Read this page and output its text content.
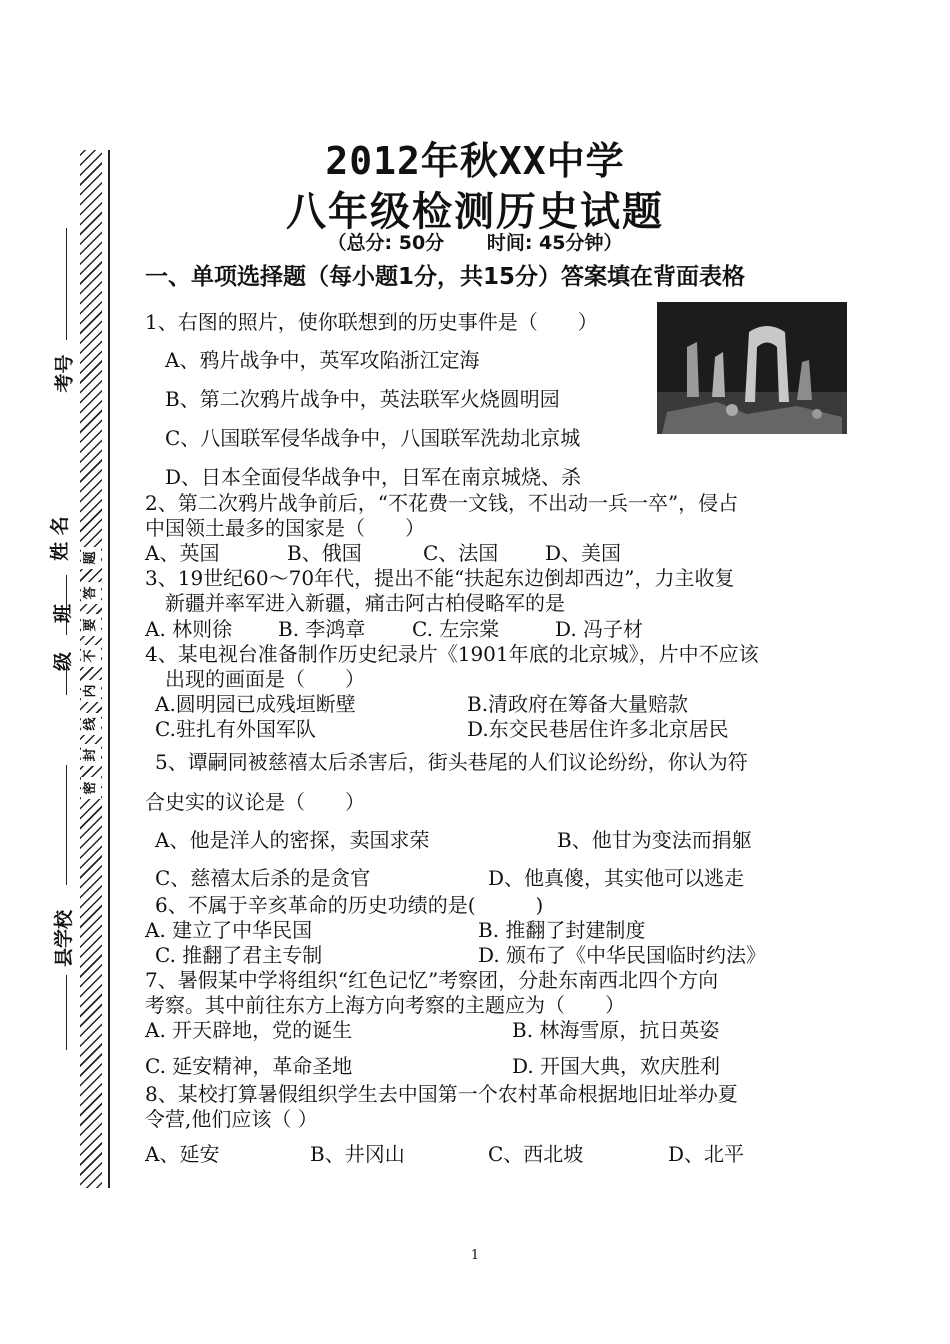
考号
姓 名
班
级
县学校
题
答
要
不
内
线
封
密
2012年秋XX中学
八年级检测历史试题
（总分: 50分 时间: 45分钟）
一、单项选择题（每小题1分，共15分）答案填在背面表格
1、右图的照片，使你联想到的历史事件是（　　）
A、鸦片战争中，英军攻陷浙江定海
B、第二次鸦片战争中，英法联军火烧圆明园
C、八国联军侵华战争中，八国联军洗劫北京城
D、日本全面侵华战争中，日军在南京城烧、杀
2、第二次鸦片战争前后，“不花费一文钱，不出动一兵一卒”，侵占
中国领土最多的国家是（　　）
A、英国	B、俄国	C、法国 D、美国
3、19世纪60～70年代，提出不能“扶起东边倒却西边”，力主收复
新疆并率军进入新疆，痛击阿古柏侵略军的是
A. 林则徐 B. 李鸿章 C. 左宗棠	D. 冯子材
4、某电视台准备制作历史纪录片《1901年底的北京城》，片中不应该
出现的画面是（　　）
A.圆明园已成残垣断壁	B.清政府在筹备大量赔款
C.驻扎有外国军队	D.东交民巷居住许多北京居民
5、谭嗣同被慈禧太后杀害后，街头巷尾的人们议论纷纷，你认为符
合史实的议论是（　　）
A、他是洋人的密探，卖国求荣	B、他甘为变法而捐躯
C、慈禧太后杀的是贪官	D、他真傻，其实他可以逃走
6、不属于辛亥革命的历史功绩的是(　　　)
A. 建立了中华民国	B. 推翻了封建制度
C. 推翻了君主专制	D. 颁布了《中华民国临时约法》
7、暑假某中学将组织“红色记忆”考察团，分赴东南西北四个方向
考察。其中前往东方上海方向考察的主题应为（　　）
A. 开天辟地，党的诞生	B. 林海雪原，抗日英姿
C. 延安精神，革命圣地	D. 开国大典，欢庆胜利
8、某校打算暑假组织学生去中国第一个农村革命根据地旧址举办夏
令营,他们应该（ ）
A、延安	B、井冈山	C、西北坡	D、北平
1
